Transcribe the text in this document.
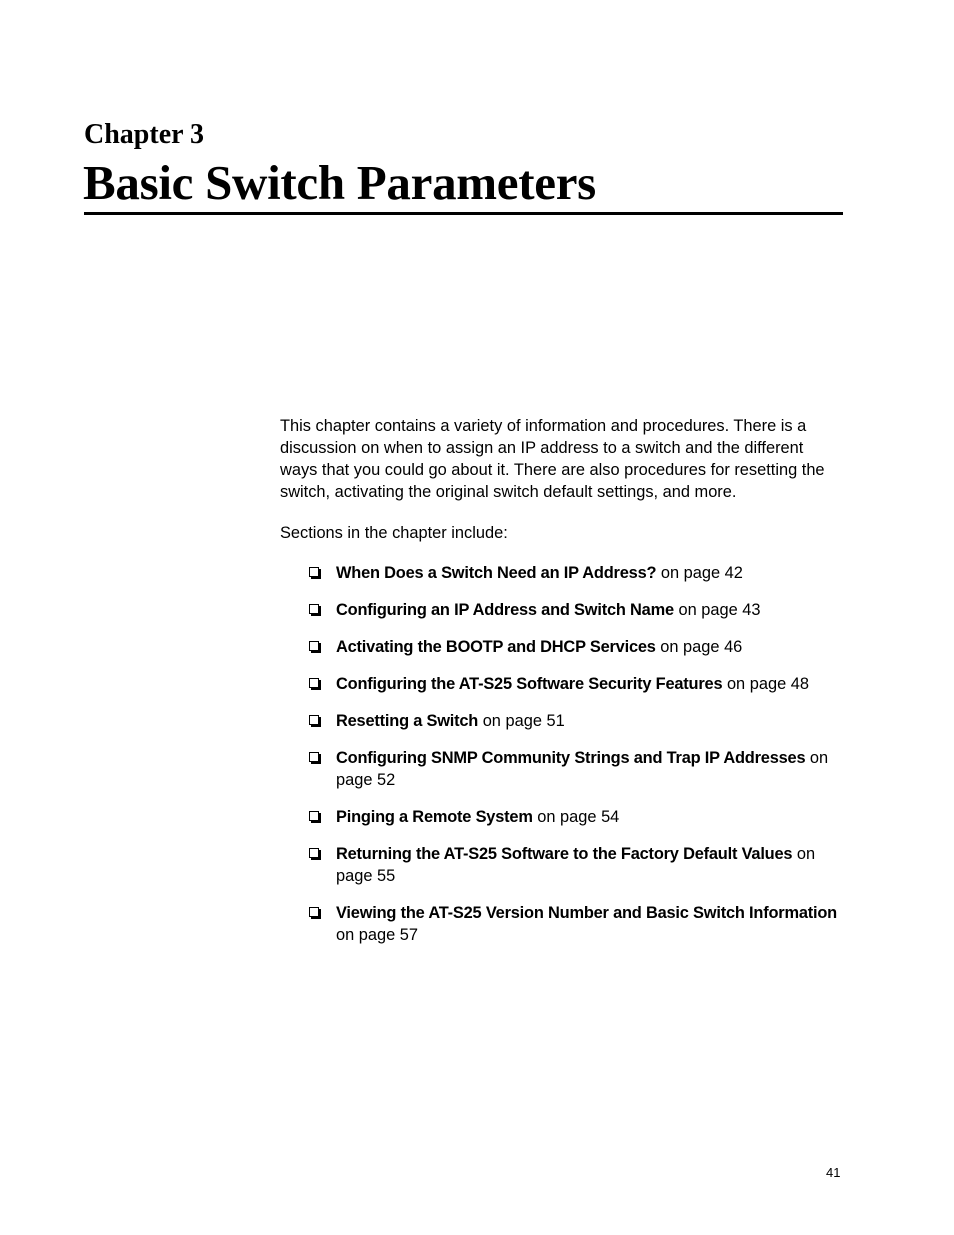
Chapter 3
Basic Switch Parameters

This chapter contains a variety of information and procedures. There is a discussion on when to assign an IP address to a switch and the different ways that you could go about it. There are also procedures for resetting the switch, activating the original switch default settings, and more.

Sections in the chapter include:

When Does a Switch Need an IP Address? on page 42
Configuring an IP Address and Switch Name on page 43
Activating the BOOTP and DHCP Services on page 46
Configuring the AT-S25 Software Security Features on page 48
Resetting a Switch on page 51
Configuring SNMP Community Strings and Trap IP Addresses on page 52
Pinging a Remote System on page 54
Returning the AT-S25 Software to the Factory Default Values on page 55
Viewing the AT-S25 Version Number and Basic Switch Information on page 57
41
